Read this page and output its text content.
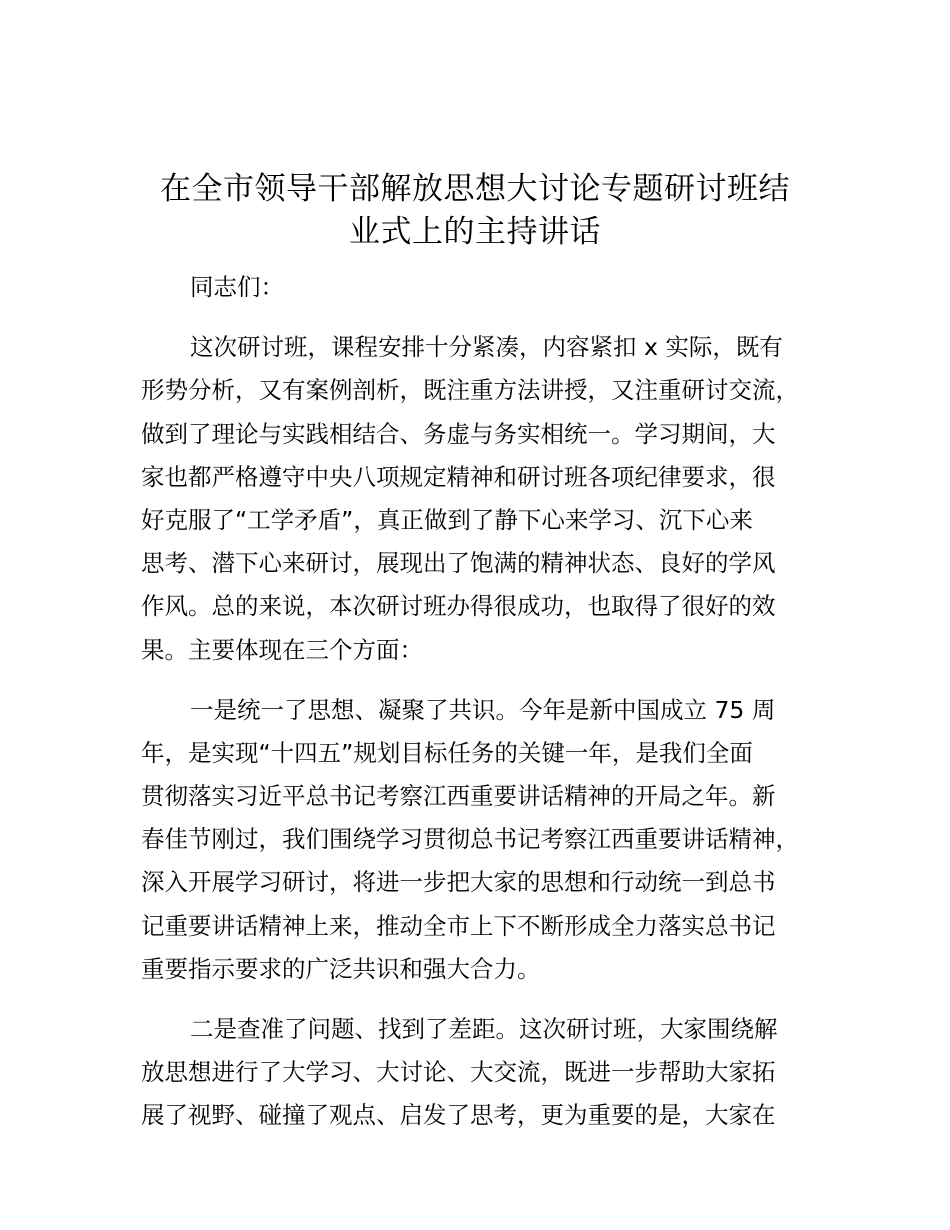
在全市领导干部解放思想大讨论专题研讨班结
业式上的主持讲话

同志们：

这次研讨班，课程安排十分紧凑，内容紧扣 x 实际，既有
形势分析，又有案例剖析，既注重方法讲授，又注重研讨交流，
做到了理论与实践相结合、务虚与务实相统一。学习期间，大
家也都严格遵守中央八项规定精神和研讨班各项纪律要求，很
好克服了“工学矛盾”，真正做到了静下心来学习、沉下心来
思考、潜下心来研讨，展现出了饱满的精神状态、良好的学风
作风。总的来说，本次研讨班办得很成功，也取得了很好的效
果。主要体现在三个方面：

一是统一了思想、凝聚了共识。今年是新中国成立 75 周
年，是实现“十四五”规划目标任务的关键一年，是我们全面
贯彻落实习近平总书记考察江西重要讲话精神的开局之年。新
春佳节刚过，我们围绕学习贯彻总书记考察江西重要讲话精神，
深入开展学习研讨，将进一步把大家的思想和行动统一到总书
记重要讲话精神上来，推动全市上下不断形成全力落实总书记
重要指示要求的广泛共识和强大合力。

二是查准了问题、找到了差距。这次研讨班，大家围绕解
放思想进行了大学习、大讨论、大交流，既进一步帮助大家拓
展了视野、碰撞了观点、启发了思考，更为重要的是，大家在
